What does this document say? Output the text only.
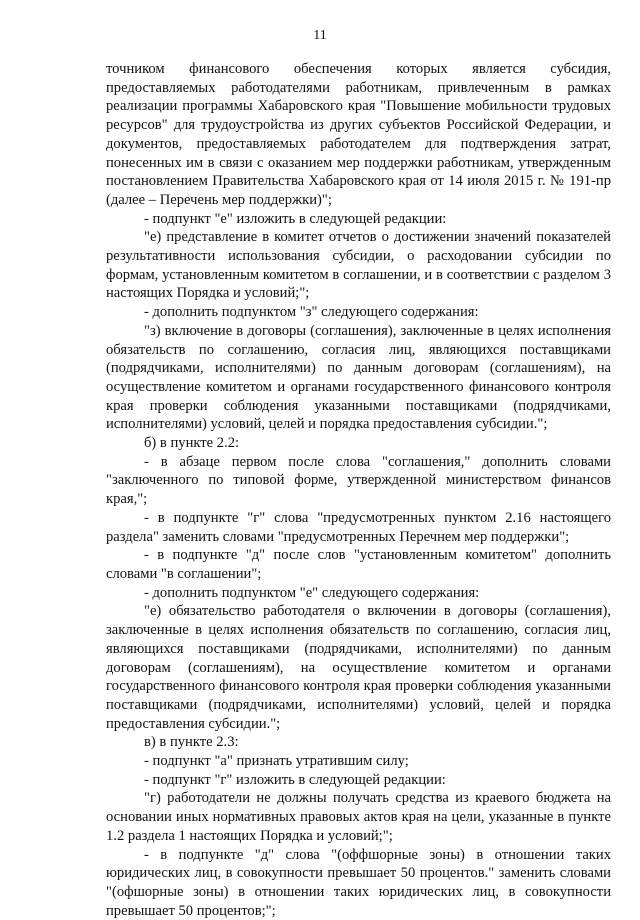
11

точником финансового обеспечения которых является субсидия, предоставляемых работодателями работникам, привлеченным в рамках реализации программы Хабаровского края "Повышение мобильности трудовых ресурсов" для трудоустройства из других субъектов Российской Федерации, и документов, предоставляемых работодателем для подтверждения затрат, понесенных им в связи с оказанием мер поддержки работникам, утвержденным постановлением Правительства Хабаровского края от 14 июля 2015 г. № 191-пр (далее – Перечень мер поддержки)";

- подпункт "е" изложить в следующей редакции:

"е) представление в комитет отчетов о достижении значений показателей результативности использования субсидии, о расходовании субсидии по формам, установленным комитетом в соглашении, и в соответствии с разделом 3 настоящих Порядка и условий;";

- дополнить подпунктом "з" следующего содержания:

"з) включение в договоры (соглашения), заключенные в целях исполнения обязательств по соглашению, согласия лиц, являющихся поставщиками (подрядчиками, исполнителями) по данным договорам (соглашениям), на осуществление комитетом и органами государственного финансового контроля края проверки соблюдения указанными поставщиками (подрядчиками, исполнителями) условий, целей и порядка предоставления субсидии.";

б) в пункте 2.2:

- в абзаце первом после слова "соглашения," дополнить словами "заключенного по типовой форме, утвержденной министерством финансов края,";

- в подпункте "г" слова "предусмотренных пунктом 2.16 настоящего раздела" заменить словами "предусмотренных Перечнем мер поддержки";

- в подпункте "д" после слов "установленным комитетом" дополнить словами "в соглашении";

- дополнить подпунктом "е" следующего содержания:

"е) обязательство работодателя о включении в договоры (соглашения), заключенные в целях исполнения обязательств по соглашению, согласия лиц, являющихся поставщиками (подрядчиками, исполнителями) по данным договорам (соглашениям), на осуществление комитетом и органами государственного финансового контроля края проверки соблюдения указанными поставщиками (подрядчиками, исполнителями) условий, целей и порядка предоставления субсидии.";

в) в пункте 2.3:

- подпункт "а" признать утратившим силу;

- подпункт "г" изложить в следующей редакции:

"г) работодатели не должны получать средства из краевого бюджета на основании иных нормативных правовых актов края на цели, указанные в пункте 1.2 раздела 1 настоящих Порядка и условий;";

- в подпункте "д" слова "(оффшорные зоны) в отношении таких юридических лиц, в совокупности превышает 50 процентов." заменить словами "(офшорные зоны) в отношении таких юридических лиц, в совокупности превышает 50 процентов;";
